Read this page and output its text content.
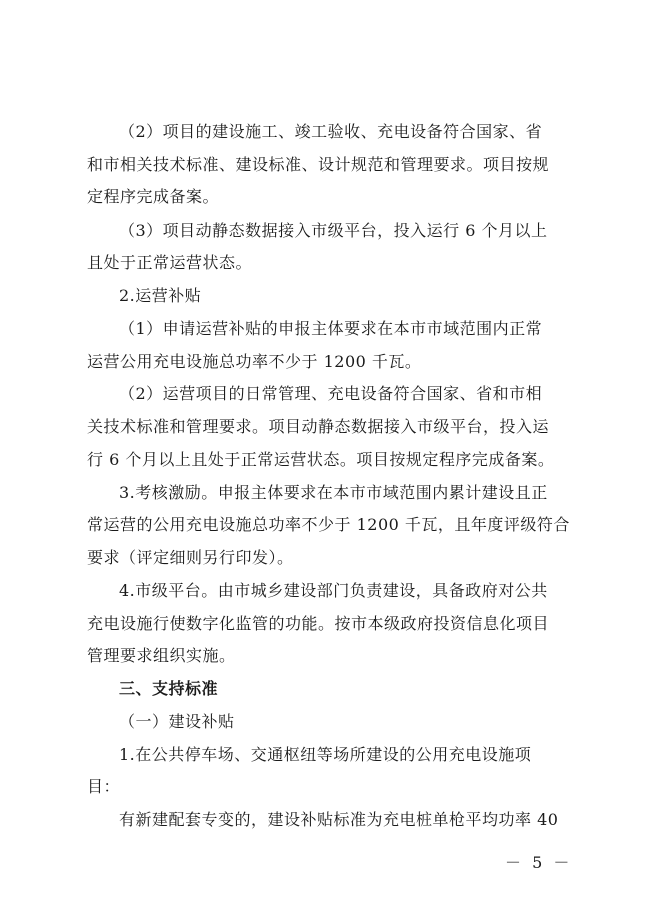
（2）项目的建设施工、竣工验收、充电设备符合国家、省
和市相关技术标准、建设标准、设计规范和管理要求。项目按规
定程序完成备案。
（3）项目动静态数据接入市级平台，投入运行 6 个月以上
且处于正常运营状态。
2.运营补贴
（1）申请运营补贴的申报主体要求在本市市域范围内正常
运营公用充电设施总功率不少于 1200 千瓦。
（2）运营项目的日常管理、充电设备符合国家、省和市相
关技术标准和管理要求。项目动静态数据接入市级平台，投入运
行 6 个月以上且处于正常运营状态。项目按规定程序完成备案。
3.考核激励。申报主体要求在本市市域范围内累计建设且正
常运营的公用充电设施总功率不少于 1200 千瓦，且年度评级符合
要求（评定细则另行印发）。
4.市级平台。由市城乡建设部门负责建设，具备政府对公共
充电设施行使数字化监管的功能。按市本级政府投资信息化项目
管理要求组织实施。
三、支持标准
（一）建设补贴
1.在公共停车场、交通枢纽等场所建设的公用充电设施项
目：
有新建配套专变的，建设补贴标准为充电桩单枪平均功率 40
－ 5 －
